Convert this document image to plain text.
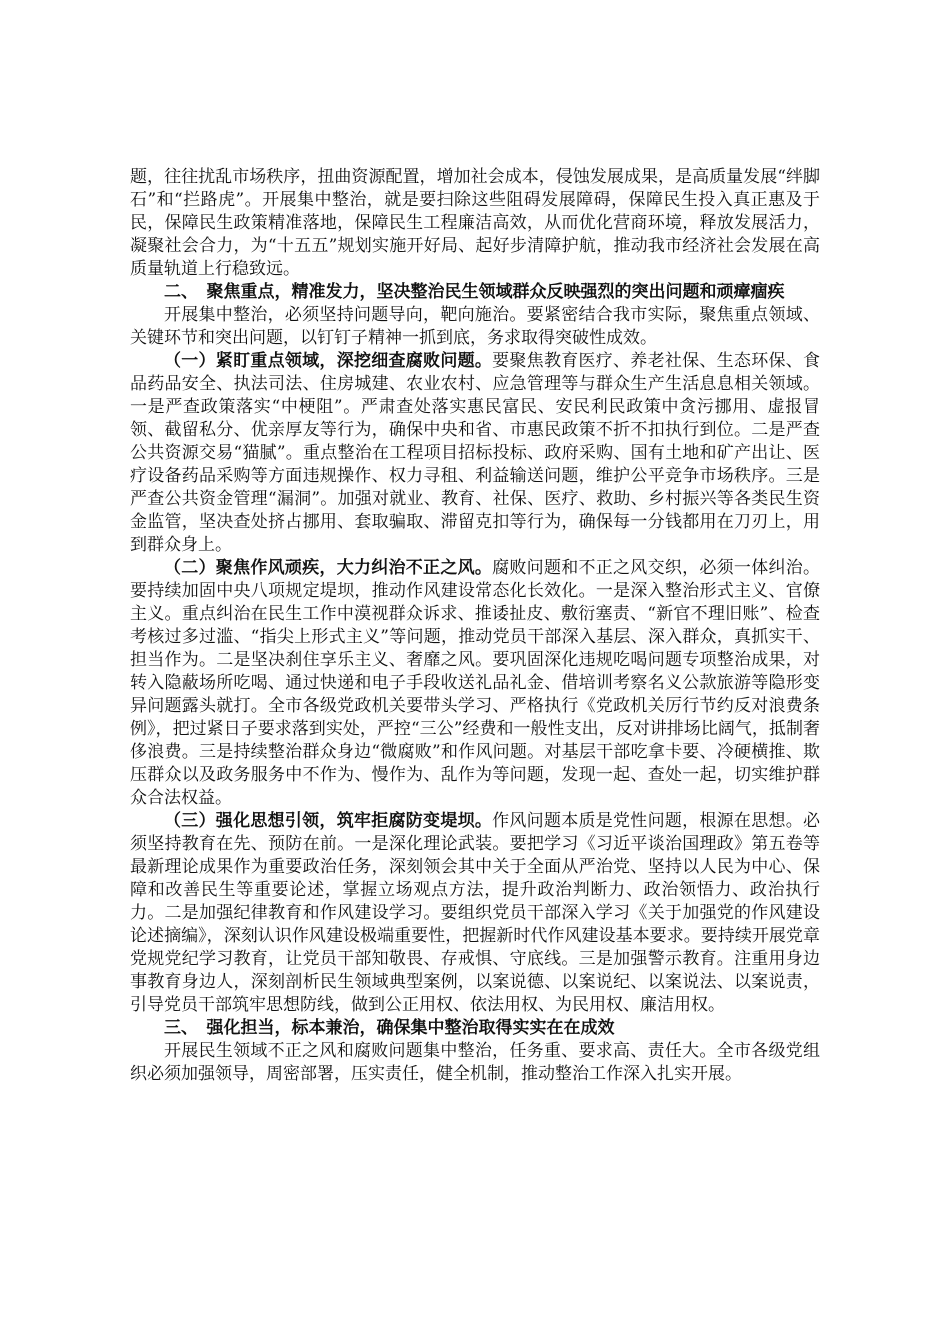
题，往往扰乱市场秩序，扭曲资源配置，增加社会成本，侵蚀发展成果，是高质量发展“绊脚石”和“拦路虎”。开展集中整治，就是要扫除这些阻碍发展障碍，保障民生投入真正惠及于民，保障民生政策精准落地，保障民生工程廉洁高效，从而优化营商环境，释放发展活力，凝聚社会合力，为“十五五”规划实施开好局、起好步清障护航，推动我市经济社会发展在高质量轨道上行稳致远。

二、　聚焦重点，精准发力，坚决整治民生领域群众反映强烈的突出问题和顽瘴痼疾

开展集中整治，必须坚持问题导向，靶向施治。要紧密结合我市实际，聚焦重点领域、关键环节和突出问题，以钉钉子精神一抓到底，务求取得突破性成效。

（一）紧盯重点领域，深挖细查腐败问题。要聚焦教育医疗、养老社保、生态环保、食品药品安全、执法司法、住房城建、农业农村、应急管理等与群众生产生活息息相关领域。一是严查政策落实“中梗阻”。严肃查处落实惠民富民、安民利民政策中贪污挪用、虚报冒领、截留私分、优亲厚友等行为，确保中央和省、市惠民政策不折不扣执行到位。二是严查公共资源交易“猫腻”。重点整治在工程项目招标投标、政府采购、国有土地和矿产出让、医疗设备药品采购等方面违规操作、权力寻租、利益输送问题，维护公平竞争市场秩序。三是严查公共资金管理“漏洞”。加强对就业、教育、社保、医疗、救助、乡村振兴等各类民生资金监管，坚决查处挤占挪用、套取骗取、滞留克扣等行为，确保每一分钱都用在刀刃上，用到群众身上。

（二）聚焦作风顽疾，大力纠治不正之风。腐败问题和不正之风交织，必须一体纠治。要持续加固中央八项规定堤坝，推动作风建设常态化长效化。一是深入整治形式主义、官僚主义。重点纠治在民生工作中漠视群众诉求、推诿扯皮、敷衍塞责、“新官不理旧账”、检查考核过多过滥、“指尖上形式主义”等问题，推动党员干部深入基层、深入群众，真抓实干、担当作为。二是坚决刹住享乐主义、奢靡之风。要巩固深化违规吃喝问题专项整治成果，对转入隐蔽场所吃喝、通过快递和电子手段收送礼品礼金、借培训考察名义公款旅游等隐形变异问题露头就打。全市各级党政机关要带头学习、严格执行《党政机关厉行节约反对浪费条例》，把过紧日子要求落到实处，严控“三公”经费和一般性支出，反对讲排场比阔气，抵制奢侈浪费。三是持续整治群众身边“微腐败”和作风问题。对基层干部吃拿卡要、冷硬横推、欺压群众以及政务服务中不作为、慢作为、乱作为等问题，发现一起、查处一起，切实维护群众合法权益。

（三）强化思想引领，筑牢拒腐防变堤坝。作风问题本质是党性问题，根源在思想。必须坚持教育在先、预防在前。一是深化理论武装。要把学习《习近平谈治国理政》第五卷等最新理论成果作为重要政治任务，深刻领会其中关于全面从严治党、坚持以人民为中心、保障和改善民生等重要论述，掌握立场观点方法，提升政治判断力、政治领悟力、政治执行力。二是加强纪律教育和作风建设学习。要组织党员干部深入学习《关于加强党的作风建设论述摘编》，深刻认识作风建设极端重要性，把握新时代作风建设基本要求。要持续开展党章党规党纪学习教育，让党员干部知敬畏、存戒惧、守底线。三是加强警示教育。注重用身边事教育身边人，深刻剖析民生领域典型案例，以案说德、以案说纪、以案说法、以案说责，引导党员干部筑牢思想防线，做到公正用权、依法用权、为民用权、廉洁用权。

三、　强化担当，标本兼治，确保集中整治取得实实在在成效

开展民生领域不正之风和腐败问题集中整治，任务重、要求高、责任大。全市各级党组织必须加强领导，周密部署，压实责任，健全机制，推动整治工作深入扎实开展。
